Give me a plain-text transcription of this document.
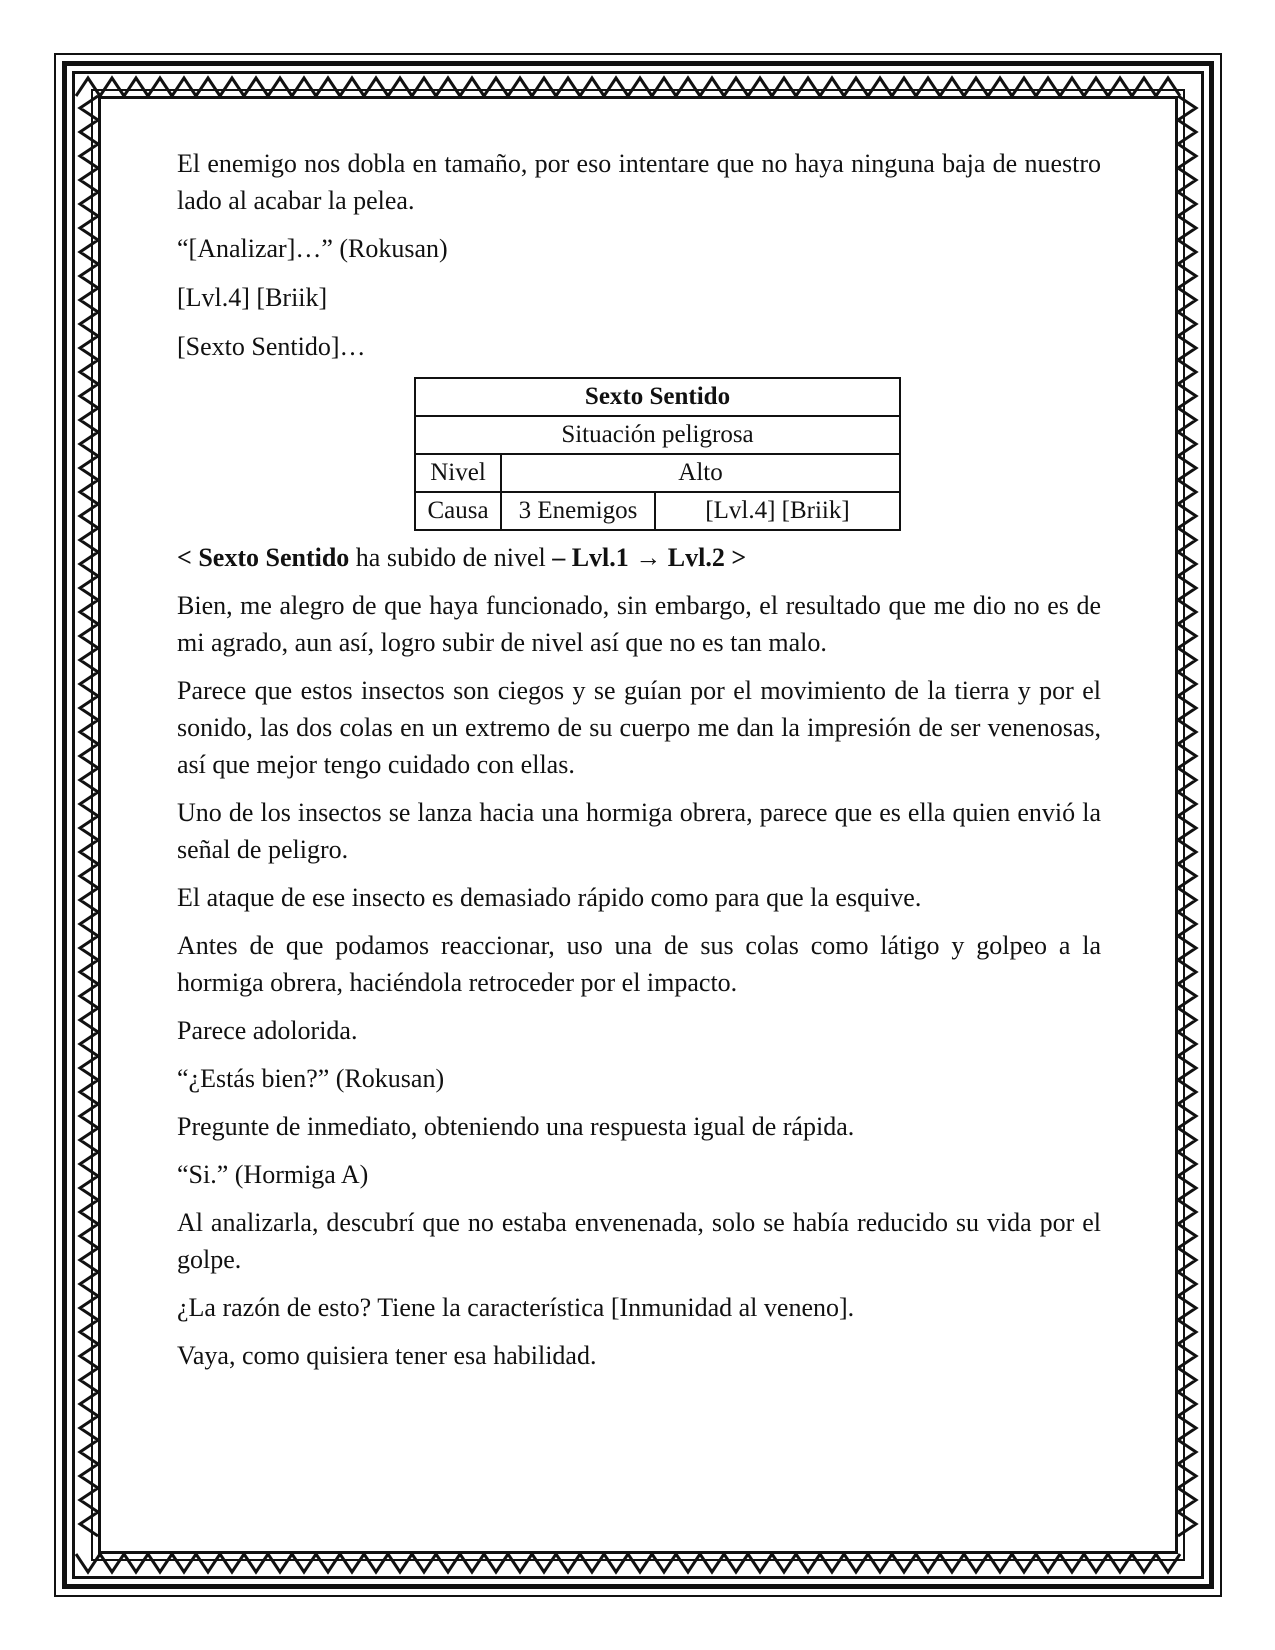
El enemigo nos dobla en tamaño, por eso intentare que no haya ninguna baja de nuestro lado al acabar la pelea.

“[Analizar]…” (Rokusan)

[Lvl.4] [Briik]

[Sexto Sentido]…

Sexto Sentido		
Situación peligrosa		
Nivel	Alto	
Causa	3 Enemigos	[Lvl.4] [Briik]

< Sexto Sentido ha subido de nivel – Lvl.1 → Lvl.2 >

Bien, me alegro de que haya funcionado, sin embargo, el resultado que me dio no es de mi agrado, aun así, logro subir de nivel así que no es tan malo.

Parece que estos insectos son ciegos y se guían por el movimiento de la tierra y por el sonido, las dos colas en un extremo de su cuerpo me dan la impresión de ser venenosas, así que mejor tengo cuidado con ellas.

Uno de los insectos se lanza hacia una hormiga obrera, parece que es ella quien envió la señal de peligro.

El ataque de ese insecto es demasiado rápido como para que la esquive.

Antes de que podamos reaccionar, uso una de sus colas como látigo y golpeo a la hormiga obrera, haciéndola retroceder por el impacto.

Parece adolorida.

“¿Estás bien?” (Rokusan)

Pregunte de inmediato, obteniendo una respuesta igual de rápida.

“Si.” (Hormiga A)

Al analizarla, descubrí que no estaba envenenada, solo se había reducido su vida por el golpe.

¿La razón de esto? Tiene la característica [Inmunidad al veneno].

Vaya, como quisiera tener esa habilidad.
